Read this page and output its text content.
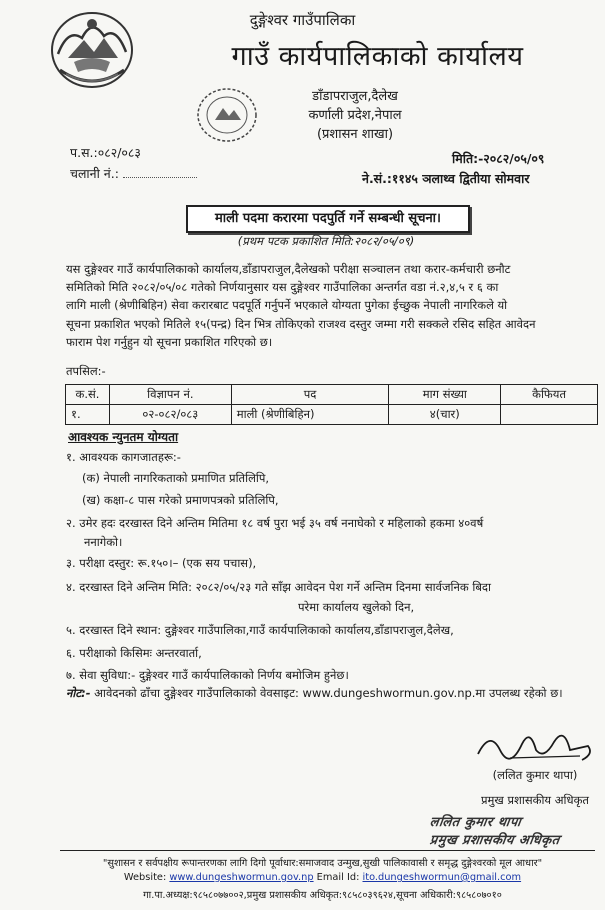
दुङ्गेश्वर गाउँपालिका
गाउँ कार्यपालिकाको कार्यालय
डाँडापराजुल,दैलेख
कर्णाली प्रदेश,नेपाल
(प्रशासन शाखा)
प.स.:०८२/०८३
चलानी नं.:
मिति:-२०८२/०५/०९
ने.सं.:११४५ ञलाथ्व द्वितीया सोमवार
माली पदमा करारमा पदपुर्ति गर्ने सम्बन्धी सूचना।
(प्रथम पटक प्रकाशित मिति:२०८२/०५/०९)
यस दुङ्गेश्वर गाउँ कार्यपालिकाको कार्यालय,डाँडापराजुल,दैलेखको परीक्षा सञ्चालन तथा करार-कर्मचारी छनौट
समितिको मिति २०८२/०५/०८ गतेको निर्णयानुसार यस दुङ्गेश्वर गाउँपालिका अन्तर्गत वडा नं.२,४,५ र ६ का
लागि माली (श्रेणीबिहिन) सेवा करारबाट पदपूर्ति गर्नुपर्ने भएकाले योग्यता पुगेका ईच्छुक नेपाली नागरिकले यो
सूचना प्रकाशित भएको मितिले १५(पन्द्र) दिन भित्र तोकिएको राजश्व दस्तुर जम्मा गरी सक्कले रसिद सहित आवेदन
फाराम पेश गर्नुहुन यो सूचना प्रकाशित गरिएको छ।
तपसिल:-
क.सं.	विज्ञापन नं.	पद	माग संख्या	कैफियत
१.	०२-०८२/०८३	माली (श्रेणीबिहिन)	४(चार)	
आवश्यक न्युनतम योग्यता
१. आवश्यक कागजातहरू:-
(क) नेपाली नागरिकताको प्रमाणित प्रतिलिपि,
(ख) कक्षा-८ पास गरेको प्रमाणपत्रको प्रतिलिपि,
२. उमेर हदः दरखास्त दिने अन्तिम मितिमा १८ वर्ष पुरा भई ३५ वर्ष ननाघेको र महिलाको हकमा ४०वर्ष
ननागेको।
३. परीक्षा दस्तुर: रू.१५०।– (एक सय पचास),
४. दरखास्त दिने अन्तिम मिति: २०८२/०५/२३ गते साँझ आवेदन पेश गर्ने अन्तिम दिनमा सार्वजनिक बिदा
परेमा कार्यालय खुलेको दिन,
५. दरखास्त दिने स्थान: दुङ्गेश्वर गाउँपालिका,गाउँ कार्यपालिकाको कार्यालय,डाँडापराजुल,दैलेख,
६. परीक्षाको किसिमः अन्तरवार्ता,
७. सेवा सुविधा:- दुङ्गेश्वर गाउँ कार्यपालिकाको निर्णय बमोजिम हुनेछ।
नोट:- आवेदनको ढाँचा दुङ्गेश्वर गाउँपालिकाको वेवसाइट: www.dungeshwormun.gov.np.मा उपलब्ध रहेको छ।
(ललित कुमार थापा)
प्रमुख प्रशासकीय अधिकृत
ललित कुमार थापा
प्रमुख प्रशासकीय अधिकृत
"सुशासन र सर्वपक्षीय रूपान्तरणका लागि दिगो पूर्वाधार:समाजवाद उन्मुख,सुखी पालिकावासी र समृद्ध दुङ्गेश्वरको मूल आधार"
Website: www.dungeshwormun.gov.np Email Id: ito.dungeshwormun@gmail.com
गा.पा.अध्यक्ष:९८५८०७७००२,प्रमुख प्रशासकीय अधिकृत:९८५८०३९६२४,सूचना अधिकारी:९८५८०७०१०
